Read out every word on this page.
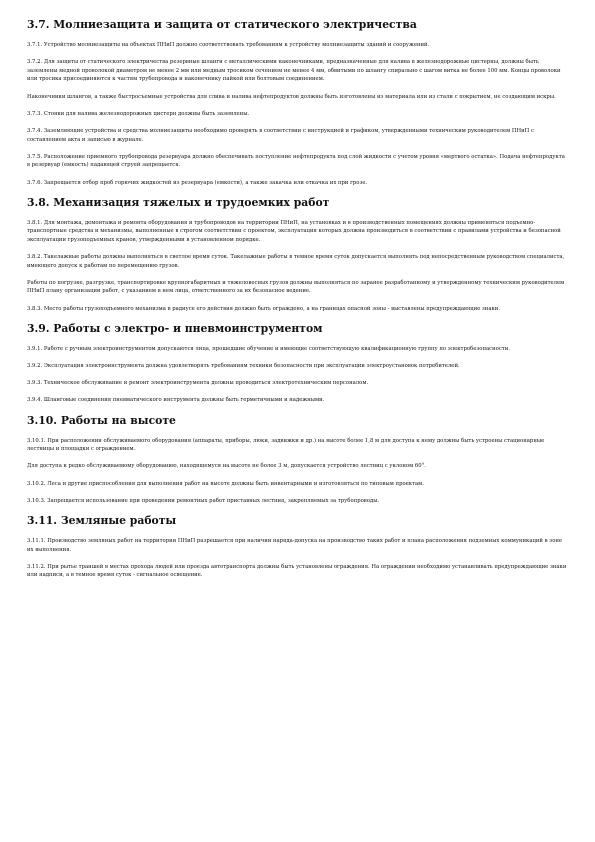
3.7. Молниезащита и защита от статического электричества

3.7.1. Устройство молниезащиты на объектах ПНиП должно соответствовать требованиям к устройству молниезащиты зданий и сооружений.

3.7.2. Для защиты от статического электричества резервные шланги с металлическими наконечниками, предназначенные для налива в железнодорожные цистерны, должны быть заземлены медной проволокой диаметром не менее 2 мм или медным тросиком сечением не менее 4 мм, обвитыми по шлангу спирально с шагом витка не более 100 мм. Концы проволоки или тросика присоединяются к частям трубопровода и наконечнику пайкой или болтовым соединением.

Наконечники шлангов, а также быстросъемные устройства для слива и налива нефтепродуктов должны быть изготовлены из материала или из стали с покрытием, не создающим искры.

3.7.3. Стояки для налива железнодорожных цистерн должны быть заземлены.

3.7.4. Заземляющие устройства и средства молниезащиты необходимо проверять в соответствии с инструкцией и графиком, утвержденными техническим руководителем ПНиП с составлением акта и записью в журнале.

3.7.5. Расположение приемного трубопровода резервуара должно обеспечивать поступление нефтепродукта под слой жидкости с учетом уровня «мертвого остатка». Подача нефтепродукта в резервуар (емкость) падающей струей запрещается.

3.7.6. Запрещается отбор проб горючих жидкостей из резервуара (емкости), а также закачка или откачка их при грозе.

3.8. Механизация тяжелых и трудоемких работ

3.8.1. Для монтажа, демонтажа и ремонта оборудования и трубопроводов на территории ПНиП, на установках и в производственных помещениях должны применяться подъемно-транспортные средства и механизмы, выполненные в строгом соответствии с проектом, эксплуатация которых должна производиться в соответствии с правилами устройства и безопасной эксплуатации грузоподъемных кранов, утвержденными в установленном порядке.

3.8.2. Такелажные работы должны выполняться в светлое время суток. Такелажные работы в темное время суток допускается выполнять под непосредственным руководством специалиста, имеющего допуск к работам по перемещению грузов.

Работы по погрузке, разгрузке, транспортировке крупногабаритных и тяжеловесных грузов должны выполняться по заранее разработанному и утвержденному техническим руководителем ПНиП плану организации работ, с указанием в нем лица, ответственного за их безопасное ведение.

3.8.3. Место работы грузоподъемного механизма в радиусе его действия должно быть ограждено, а на границах опасной зоны - выставлены предупреждающие знаки.

3.9. Работы с электро- и пневмоинструментом

3.9.1. Работе с ручным электроинструментом допускаются лица, прошедшие обучение и имеющие соответствующую квалификационную группу по электробезопасности.

3.9.2. Эксплуатация электроинструмента должна удовлетворять требованиям техники безопасности при эксплуатации электроустановок потребителей.

3.9.3. Техническое обслуживание и ремонт электроинструмента должны проводиться электротехническим персоналом.

3.9.4. Шланговые соединения пневматического инструмента должны быть герметичными и надежными.

3.10. Работы на высоте

3.10.1. При расположении обслуживаемого оборудования (аппараты, приборы, люки, задвижки и др.) на высоте более 1,8 м для доступа к нему должны быть устроены стационарные лестницы и площадки с ограждением.

Для доступа к редко обслуживаемому оборудованию, находящемуся на высоте не более 3 м, допускается устройство лестниц с уклоном 60°.

3.10.2. Леса и другие приспособления для выполнения работ на высоте должны быть инвентарными и изготовляться по типовым проектам.

3.10.3. Запрещается использование при проведении ремонтных работ приставных лестниц, закрепляемых за трубопроводы.

3.11. Земляные работы

3.11.1. Производство земляных работ на территории ПНиП разрешается при наличии наряда-допуска на производство таких работ и плана расположения подземных коммуникаций в зоне их выполнения.

3.11.2. При рытье траншей в местах прохода людей или проезда автотранспорта должны быть установлены ограждения. На ограждении необходимо устанавливать предупреждающие знаки или надписи, а в темное время суток - сигнальное освещение.
